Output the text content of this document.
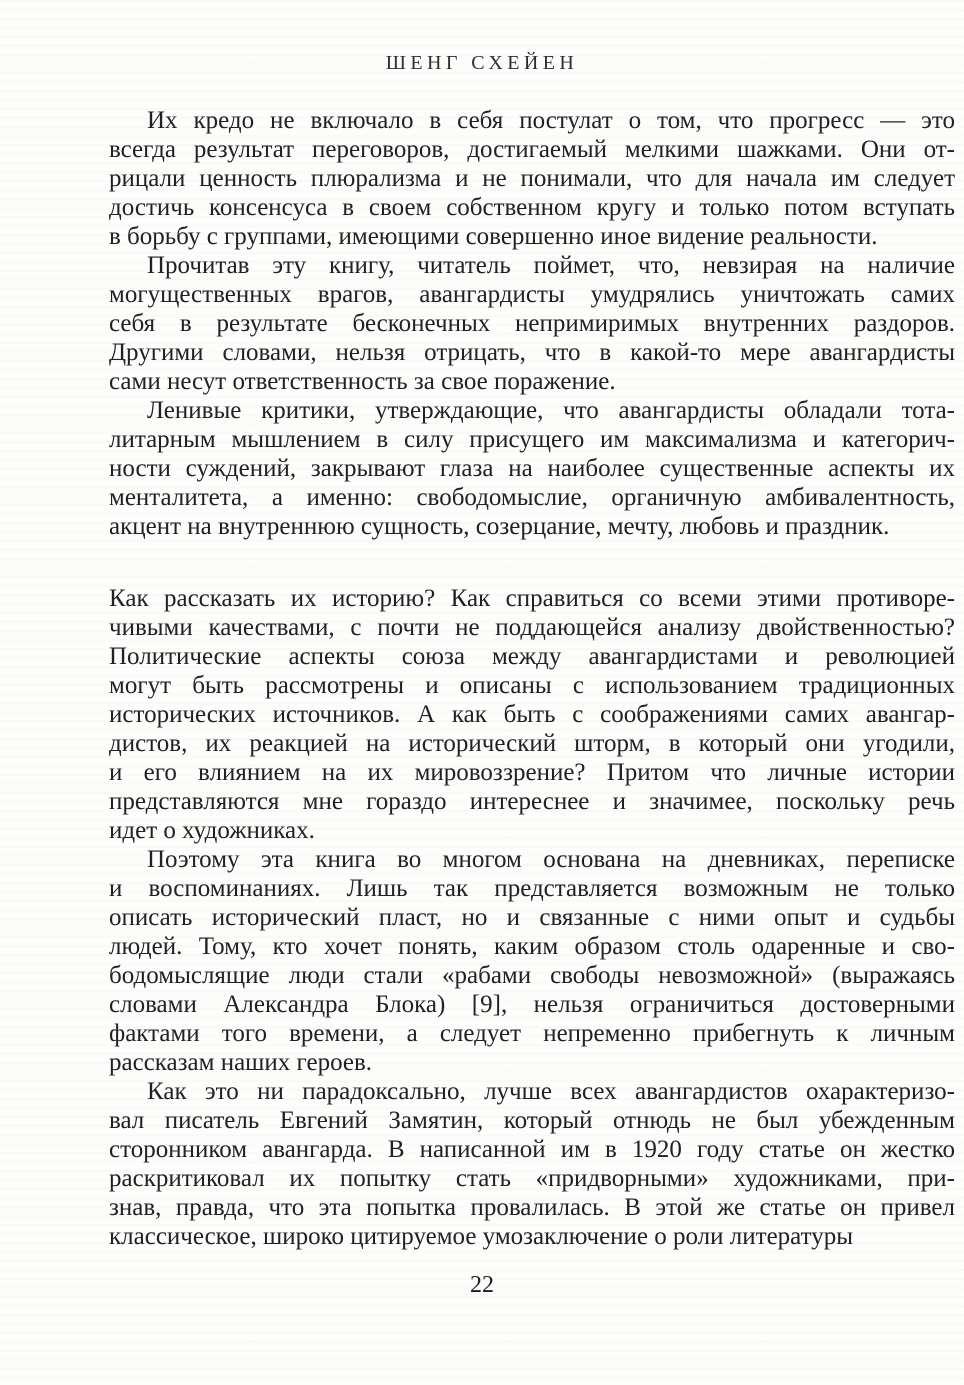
ШЕНГ СХЕЙЕН
Их кредо не включало в себя постулат о том, что прогресс — это
всегда результат переговоров, достигаемый мелкими шажками. Они от-
рицали ценность плюрализма и не понимали, что для начала им следует
достичь консенсуса в своем собственном кругу и только потом вступать
в борьбу с группами, имеющими совершенно иное видение реальности.
Прочитав эту книгу, читатель поймет, что, невзирая на наличие
могущественных врагов, авангардисты умудрялись уничтожать самих
себя в результате бесконечных непримиримых внутренних раздоров.
Другими словами, нельзя отрицать, что в какой-то мере авангардисты
сами несут ответственность за свое поражение.
Ленивые критики, утверждающие, что авангардисты обладали тота-
литарным мышлением в силу присущего им максимализма и категорич-
ности суждений, закрывают глаза на наиболее существенные аспекты их
менталитета, а именно: свободомыслие, органичную амбивалентность,
акцент на внутреннюю сущность, созерцание, мечту, любовь и праздник.
Как рассказать их историю? Как справиться со всеми этими противоре-
чивыми качествами, с почти не поддающейся анализу двойственностью?
Политические аспекты союза между авангардистами и революцией
могут быть рассмотрены и описаны с использованием традиционных
исторических источников. А как быть с соображениями самих авангар-
дистов, их реакцией на исторический шторм, в который они угодили,
и его влиянием на их мировоззрение? Притом что личные истории
представляются мне гораздо интереснее и значимее, поскольку речь
идет о художниках.
Поэтому эта книга во многом основана на дневниках, переписке
и воспоминаниях. Лишь так представляется возможным не только
описать исторический пласт, но и связанные с ними опыт и судьбы
людей. Тому, кто хочет понять, каким образом столь одаренные и сво-
бодомыслящие люди стали «рабами свободы невозможной» (выражаясь
словами Александра Блока) [9], нельзя ограничиться достоверными
фактами того времени, а следует непременно прибегнуть к личным
рассказам наших героев.
Как это ни парадоксально, лучше всех авангардистов охарактеризо-
вал писатель Евгений Замятин, который отнюдь не был убежденным
сторонником авангарда. В написанной им в 1920 году статье он жестко
раскритиковал их попытку стать «придворными» художниками, при-
знав, правда, что эта попытка провалилась. В этой же статье он привел
классическое, широко цитируемое умозаключение о роли литературы
22
